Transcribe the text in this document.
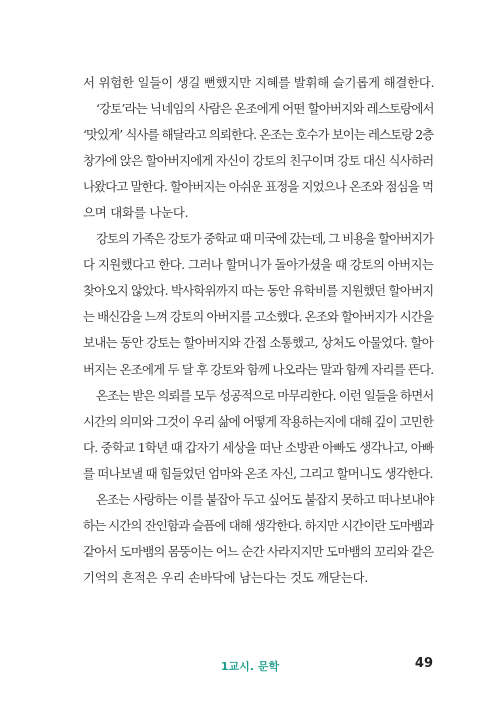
서 위험한 일들이 생길 뻔했지만 지혜를 발휘해 슬기롭게 해결한다.
‘강토’라는 닉네임의 사람은 온조에게 어떤 할아버지와 레스토랑에서
‘맛있게’ 식사를 해달라고 의뢰한다. 온조는 호수가 보이는 레스토랑 2층
창가에 앉은 할아버지에게 자신이 강토의 친구이며 강토 대신 식사하러
나왔다고 말한다. 할아버지는 아쉬운 표정을 지었으나 온조와 점심을 먹
으며 대화를 나눈다.
강토의 가족은 강토가 중학교 때 미국에 갔는데, 그 비용을 할아버지가
다 지원했다고 한다. 그러나 할머니가 돌아가셨을 때 강토의 아버지는
찾아오지 않았다. 박사학위까지 따는 동안 유학비를 지원했던 할아버지
는 배신감을 느껴 강토의 아버지를 고소했다. 온조와 할아버지가 시간을
보내는 동안 강토는 할아버지와 간접 소통했고, 상처도 아물었다. 할아
버지는 온조에게 두 달 후 강토와 함께 나오라는 말과 함께 자리를 뜬다.
온조는 받은 의뢰를 모두 성공적으로 마무리한다. 이런 일들을 하면서
시간의 의미와 그것이 우리 삶에 어떻게 작용하는지에 대해 깊이 고민한
다. 중학교 1학년 때 갑자기 세상을 떠난 소방관 아빠도 생각나고, 아빠
를 떠나보낼 때 힘들었던 엄마와 온조 자신, 그리고 할머니도 생각한다.
온조는 사랑하는 이를 붙잡아 두고 싶어도 붙잡지 못하고 떠나보내야
하는 시간의 잔인함과 슬픔에 대해 생각한다. 하지만 시간이란 도마뱀과
같아서 도마뱀의 몸뚱이는 어느 순간 사라지지만 도마뱀의 꼬리와 같은
기억의 흔적은 우리 손바닥에 남는다는 것도 깨닫는다.
1교시. 문학	49
